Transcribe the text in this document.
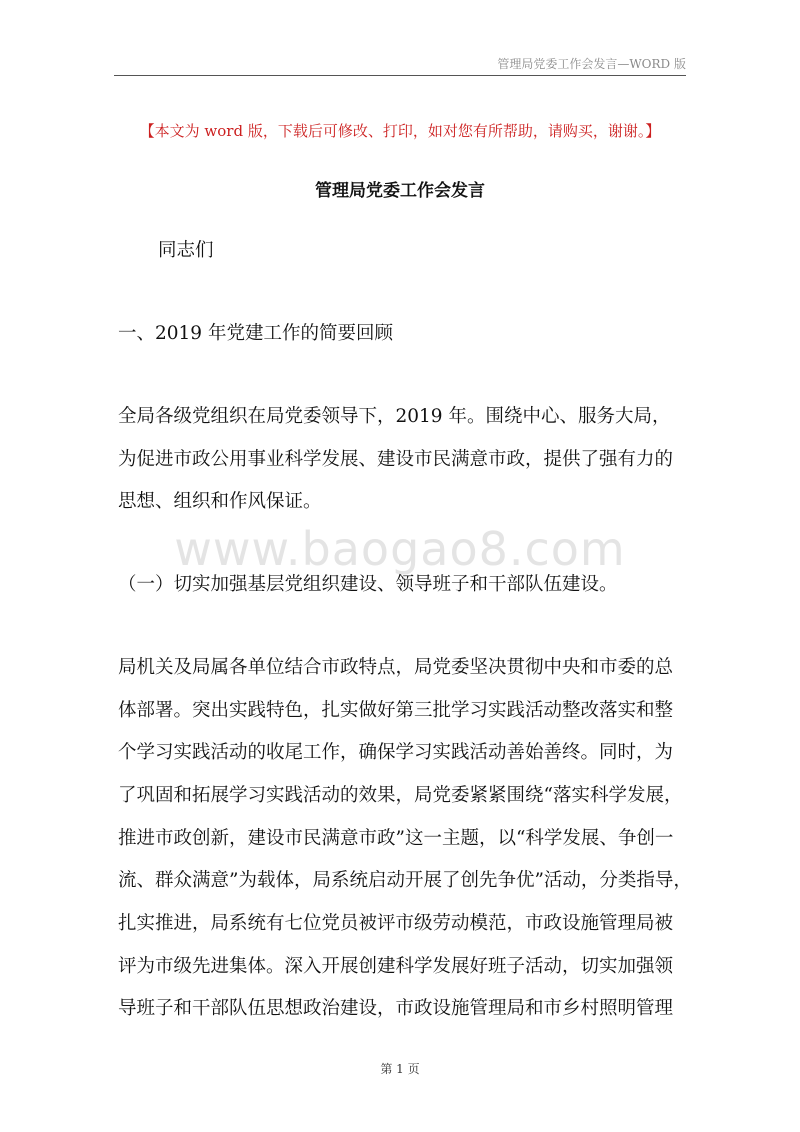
管理局党委工作会发言—WORD 版
【本文为 word 版，下载后可修改、打印，如对您有所帮助，请购买，谢谢。】
管理局党委工作会发言
同志们
一、2019 年党建工作的简要回顾
全局各级党组织在局党委领导下，2019 年。围绕中心、服务大局，
为促进市政公用事业科学发展、建设市民满意市政，提供了强有力的
思想、组织和作风保证。
www.baogao8.com
（一）切实加强基层党组织建设、领导班子和干部队伍建设。
局机关及局属各单位结合市政特点，局党委坚决贯彻中央和市委的总
体部署。突出实践特色，扎实做好第三批学习实践活动整改落实和整
个学习实践活动的收尾工作，确保学习实践活动善始善终。同时，为
了巩固和拓展学习实践活动的效果，局党委紧紧围绕“落实科学发展，
推进市政创新，建设市民满意市政”这一主题，以“科学发展、争创一
流、群众满意”为载体，局系统启动开展了创先争优”活动，分类指导，
扎实推进，局系统有七位党员被评市级劳动模范，市政设施管理局被
评为市级先进集体。深入开展创建科学发展好班子活动，切实加强领
导班子和干部队伍思想政治建设，市政设施管理局和市乡村照明管理
第 1 页
